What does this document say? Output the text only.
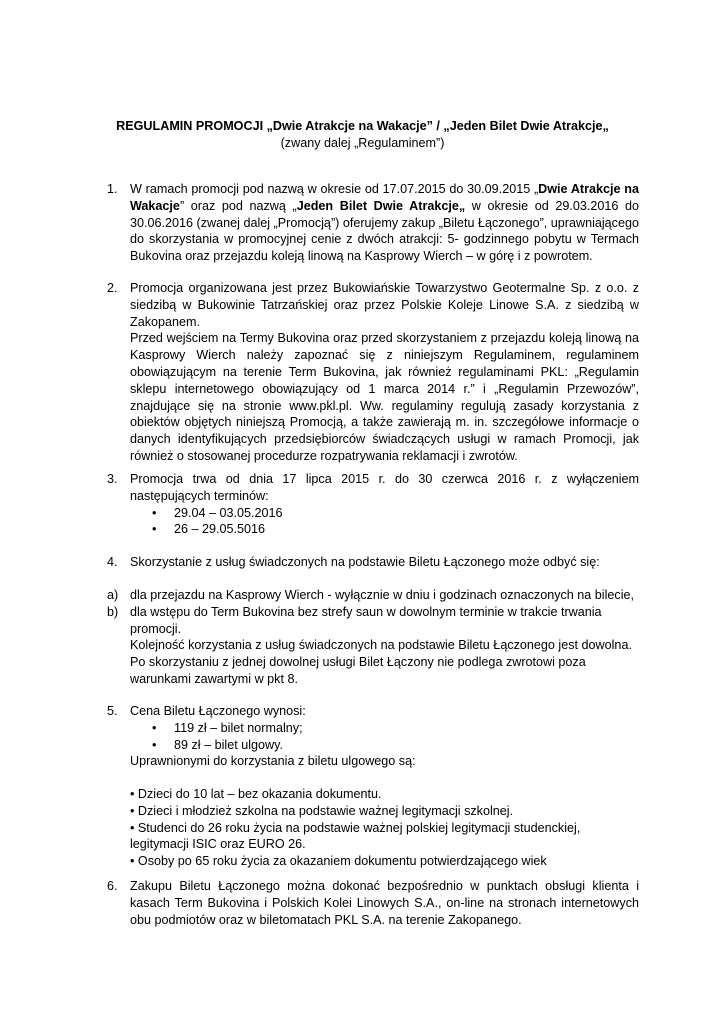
REGULAMIN PROMOCJI „Dwie Atrakcje na Wakacje” / „Jeden Bilet Dwie Atrakcje„
(zwany dalej „Regulaminem”)
1. W ramach promocji pod nazwą w okresie od 17.07.2015 do 30.09.2015 „Dwie Atrakcje na Wakacje” oraz pod nazwą „Jeden Bilet Dwie Atrakcje„ w okresie od 29.03.2016 do 30.06.2016 (zwanej dalej „Promocją”) oferujemy zakup „Biletu Łączonego”, uprawniającego do skorzystania w promocyjnej cenie z dwóch atrakcji: 5- godzinnego pobytu w Termach Bukovina oraz przejazdu koleją linową na Kasprowy Wierch – w górę i z powrotem.

2. Promocja organizowana jest przez Bukowiańskie Towarzystwo Geotermalne Sp. z o.o. z siedzibą w Bukowinie Tatrzańskiej oraz przez Polskie Koleje Linowe S.A. z siedzibą w Zakopanem.

Przed wejściem na Termy Bukovina oraz przed skorzystaniem z przejazdu koleją linową na Kasprowy Wierch należy zapoznać się z niniejszym Regulaminem, regulaminem obowiązującym na terenie Term Bukovina, jak również regulaminami PKL: „Regulamin sklepu internetowego obowiązujący od 1 marca 2014 r.” i „Regulamin Przewozów”, znajdujące się na stronie www.pkl.pl. Ww. regulaminy regulują zasady korzystania z obiektów objętych niniejszą Promocją, a także zawierają m. in. szczegółowe informacje o danych identyfikujących przedsiębiorców świadczących usługi w ramach Promocji, jak również o stosowanej procedurze rozpatrywania reklamacji i zwrotów.

3. Promocja trwa od dnia 17 lipca 2015 r. do 30 czerwca 2016 r. z wyłączeniem następujących terminów:

• 29.04 – 03.05.2016
• 26 – 29.05.5016
4. Skorzystanie z usług świadczonych na podstawie Biletu Łączonego może odbyć się:

a) dla przejazdu na Kasprowy Wierch - wyłącznie w dniu i godzinach oznaczonych na bilecie,
b) dla wstępu do Term Bukovina bez strefy saun w dowolnym terminie w trakcie trwania promocji.
Kolejność korzystania z usług świadczonych na podstawie Biletu Łączonego jest dowolna.
Po skorzystaniu z jednej dowolnej usługi Bilet Łączony nie podlega zwrotowi poza warunkami zawartymi w pkt 8.
5. Cena Biletu Łączonego wynosi:

• 119 zł – bilet normalny;
• 89 zł – bilet ulgowy.

Uprawnionymi do korzystania z biletu ulgowego są:

• Dzieci do 10 lat – bez okazania dokumentu.
• Dzieci i młodzież szkolna na podstawie ważnej legitymacji szkolnej.
• Studenci do 26 roku życia na podstawie ważnej polskiej legitymacji studenckiej, legitymacji ISIC oraz EURO 26.
• Osoby po 65 roku życia za okazaniem dokumentu potwierdzającego wiek
6. Zakupu Biletu Łączonego można dokonać bezpośrednio w punktach obsługi klienta i kasach Term Bukovina i Polskich Kolei Linowych S.A., on-line na stronach internetowych obu podmiotów oraz w biletomatach PKL S.A. na terenie Zakopanego.
